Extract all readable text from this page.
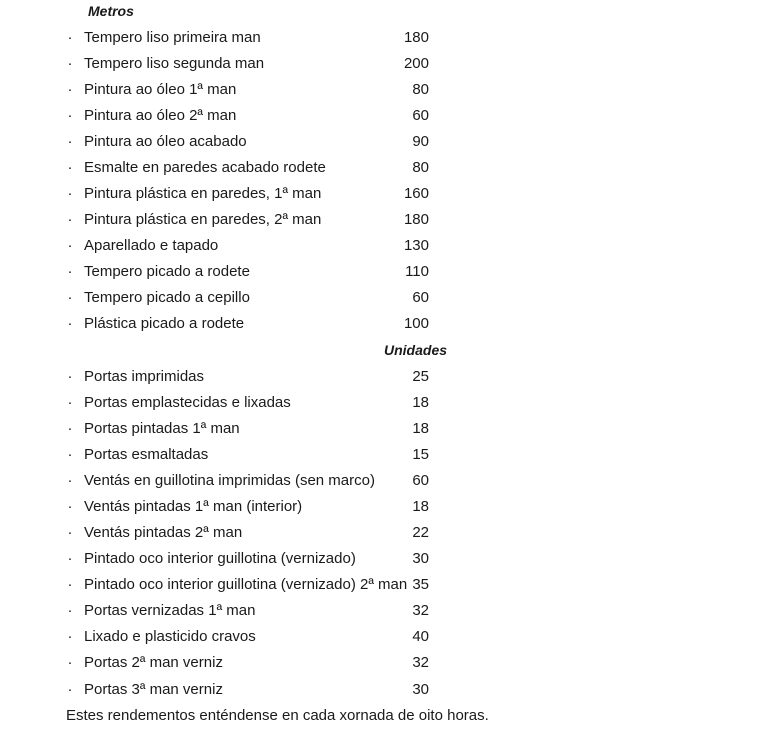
Metros
· Tempero liso primeira man	180
· Tempero liso segunda man	200
· Pintura ao óleo 1ª man	80
· Pintura ao óleo 2ª man	60
· Pintura ao óleo acabado	90
· Esmalte en paredes acabado rodete	80
· Pintura plástica en paredes, 1ª man	160
· Pintura plástica en paredes, 2ª man	180
· Aparellado e tapado	130
· Tempero picado a rodete	110
· Tempero picado a cepillo	60
· Plástica picado a rodete	100
Unidades
· Portas imprimidas	25
· Portas emplastecidas e lixadas	18
· Portas pintadas 1ª man	18
· Portas esmaltadas	15
· Ventás en guillotina imprimidas (sen marco) 60
· Ventás pintadas 1ª man (interior)	18
· Ventás pintadas 2ª man	22
· Pintado oco interior guillotina (vernizado)	30
· Pintado oco interior guillotina (vernizado) 2ª man 35
· Portas vernizadas 1ª man	32
· Lixado e plasticido cravos	40
· Portas 2ª man verniz	32
· Portas 3ª man verniz	30
Estes rendementos enténdense en cada xornada de oito horas.
